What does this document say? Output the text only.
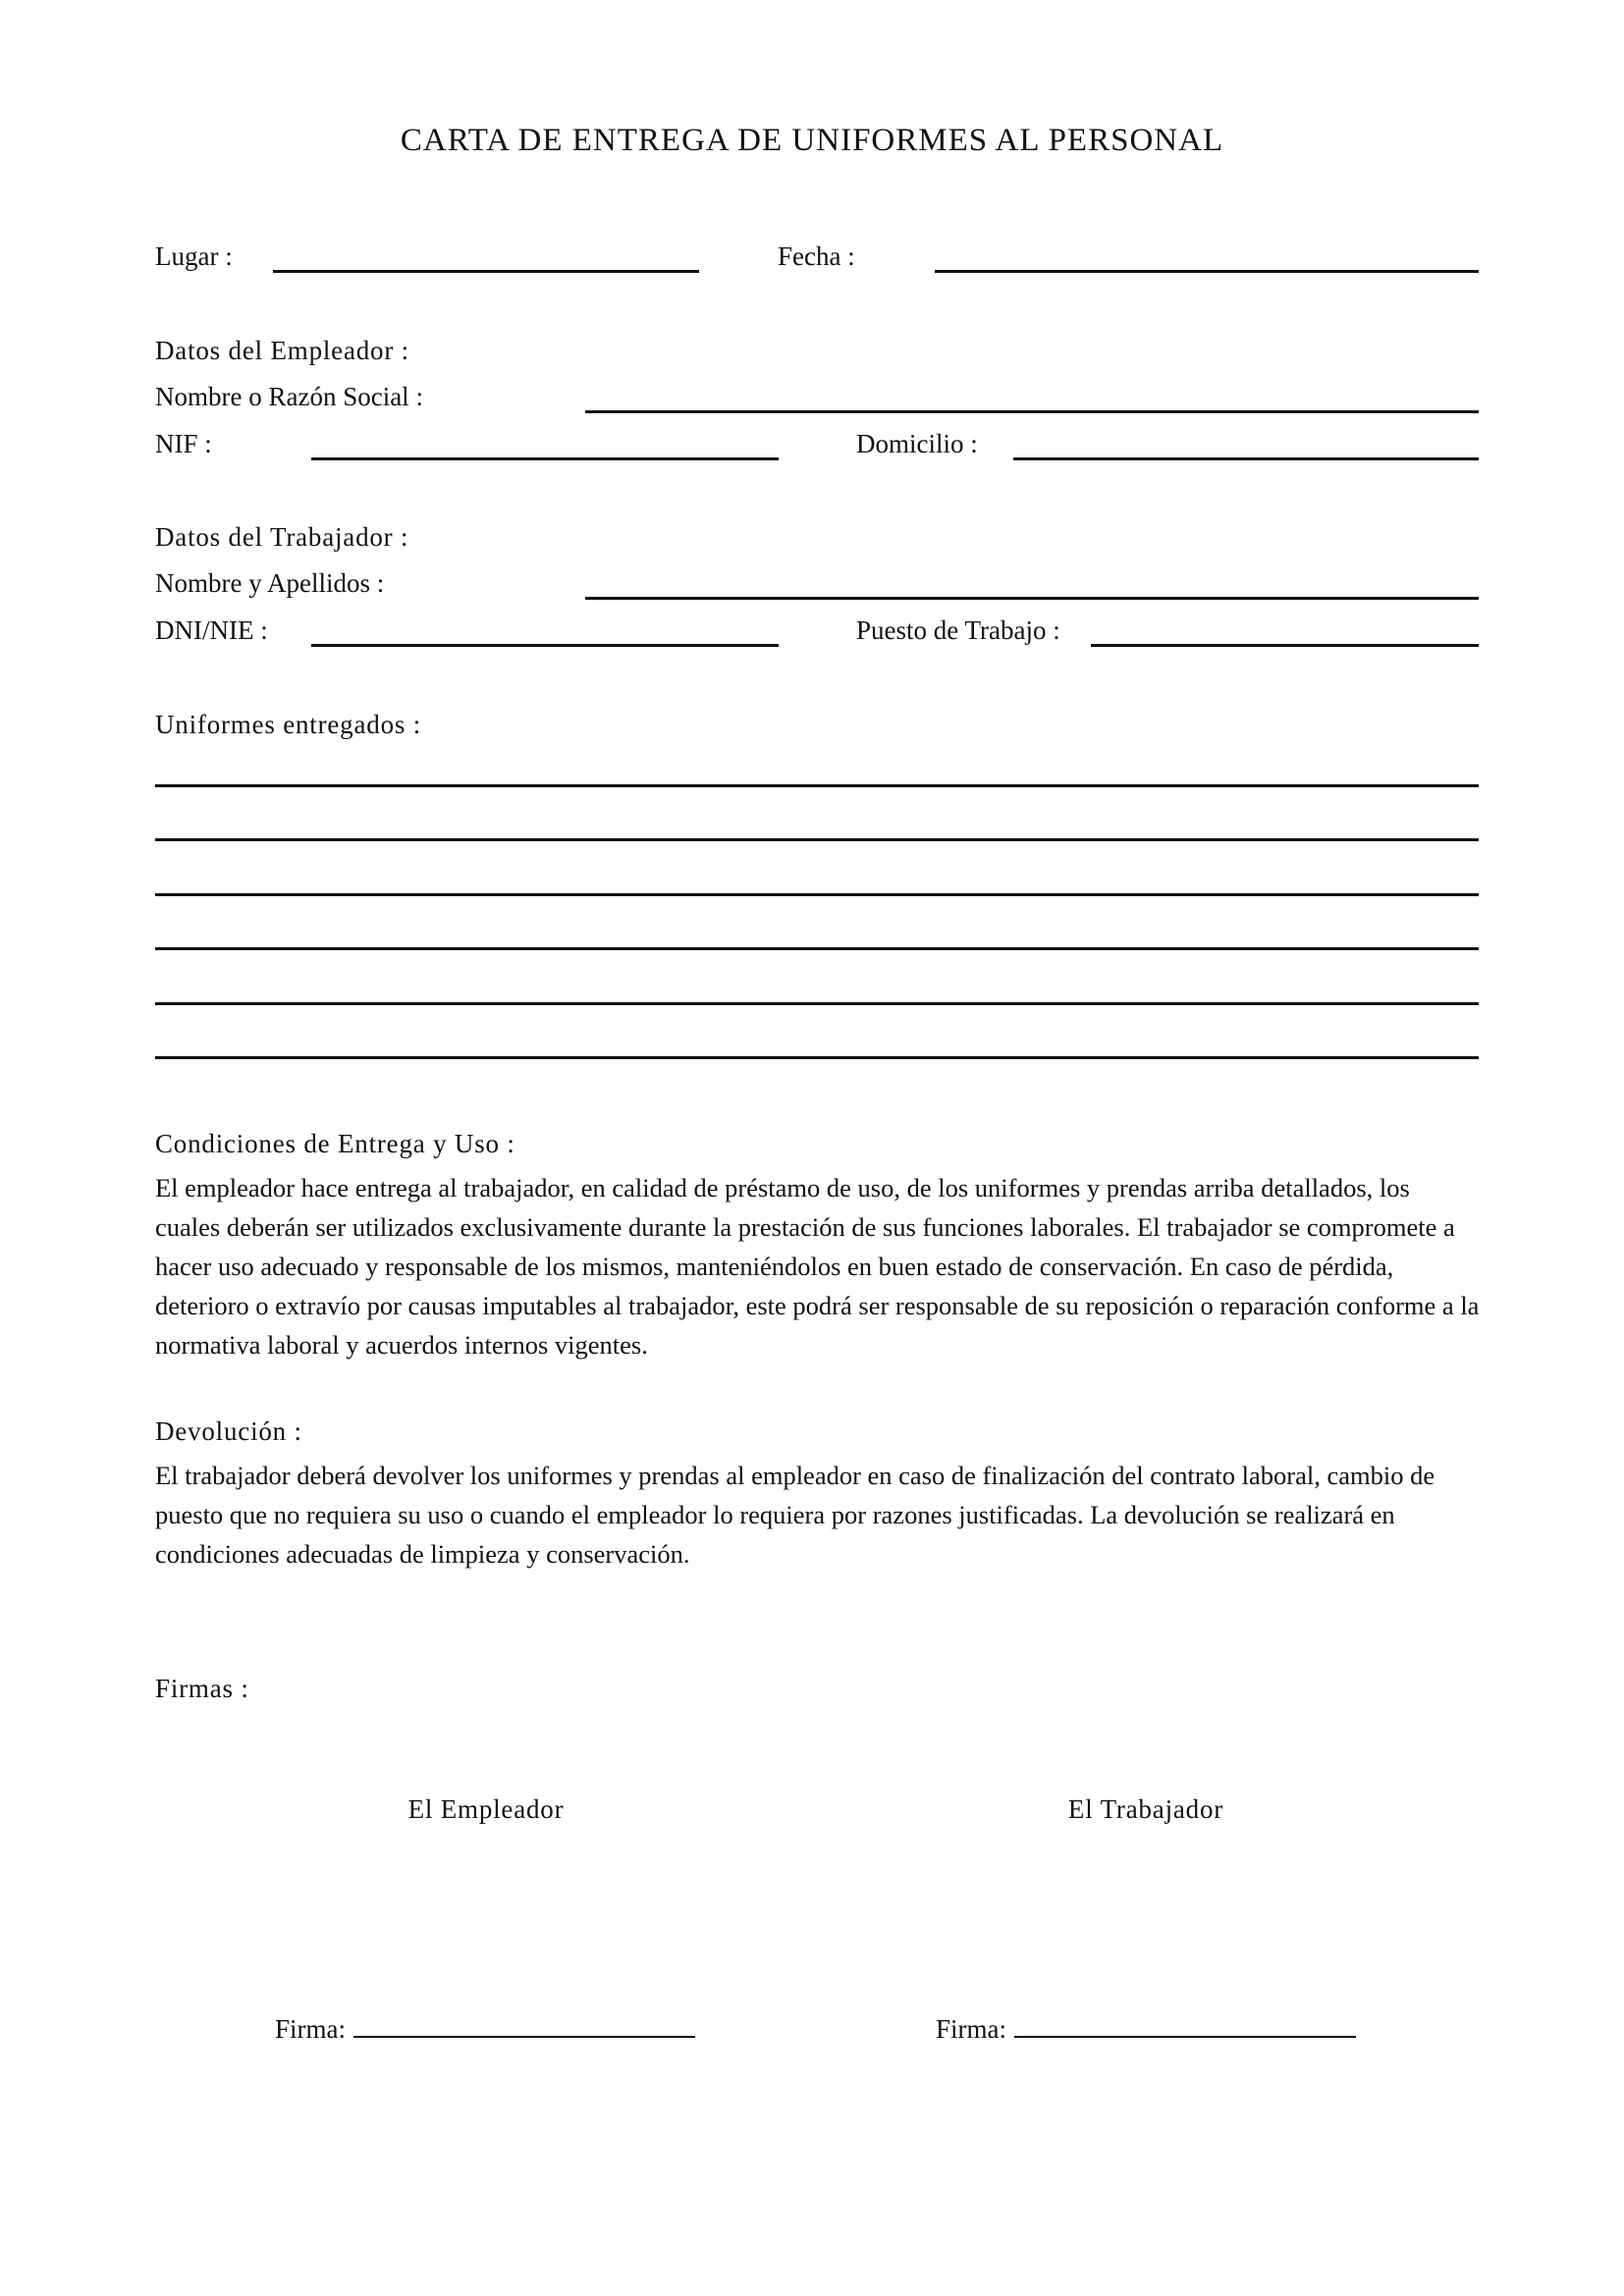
CARTA DE ENTREGA DE UNIFORMES AL PERSONAL
Lugar :	Fecha :
Datos del Empleador :
Nombre o Razón Social :
NIF :	Domicilio :
Datos del Trabajador :
Nombre y Apellidos :
DNI/NIE :	Puesto de Trabajo :
Uniformes entregados :
Condiciones de Entrega y Uso :
El empleador hace entrega al trabajador, en calidad de préstamo de uso, de los uniformes y prendas arriba detallados, los cuales deberán ser utilizados exclusivamente durante la prestación de sus funciones laborales. El trabajador se compromete a hacer uso adecuado y responsable de los mismos, manteniéndolos en buen estado de conservación. En caso de pérdida, deterioro o extravío por causas imputables al trabajador, este podrá ser responsable de su reposición o reparación conforme a la normativa laboral y acuerdos internos vigentes.
Devolución :
El trabajador deberá devolver los uniformes y prendas al empleador en caso de finalización del contrato laboral, cambio de puesto que no requiera su uso o cuando el empleador lo requiera por razones justificadas. La devolución se realizará en condiciones adecuadas de limpieza y conservación.
Firmas :
El Empleador	El Trabajador
Firma:	Firma:
